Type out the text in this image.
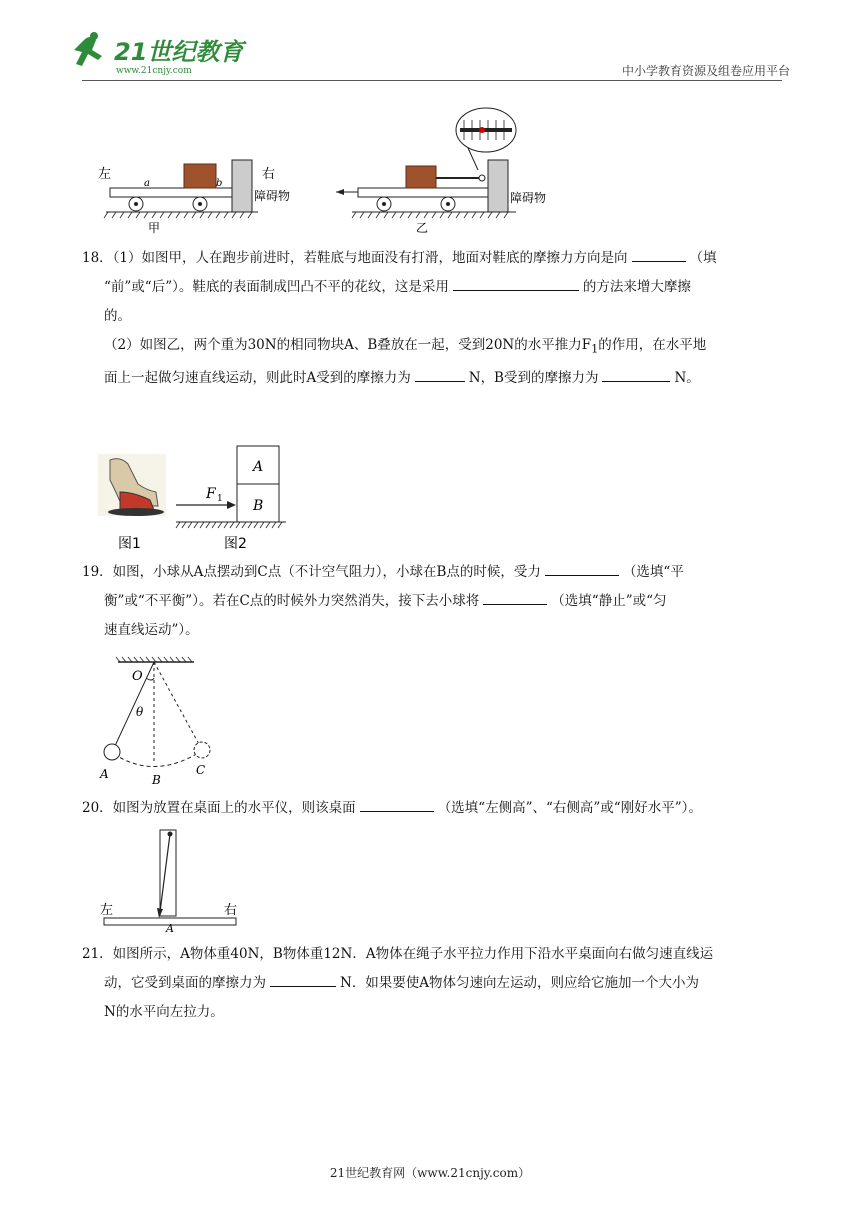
21世纪教育
www.21cnjy.com	中小学教育资源及组卷应用平台
左
a	b
右
障碍物
甲
障碍物
乙

18．（1）如图甲，人在跑步前进时，若鞋底与地面没有打滑，地面对鞋底的摩擦力方向是向	（填

“前”或“后”）。鞋底的表面制成凹凸不平的花纹，这是采用	的方法来增大摩擦

的。

（2）如图乙，两个重为30N的相同物块A、B叠放在一起，受到20N的水平推力$F_1$的作用，在水平地

面上一起做匀速直线运动，则此时A受到的摩擦力为	N，B受到的摩擦力为	N。

F 1
A
B
图1	图2

19．如图，小球从A点摆动到C点（不计空气阻力），小球在B点的时候，受力	（选填“平

衡”或“不平衡”）。若在C点的时候外力突然消失，接下去小球将	（选填“静止”或“匀

速直线运动”）。

O
θ
A	B
C

20．如图为放置在桌面上的水平仪，则该桌面	（选填“左侧高”、“右侧高”或“刚好水平”）。

左	右
A

21．如图所示，A物体重40N，B物体重12N．A物体在绳子水平拉力作用下沿水平桌面向右做匀速直线运

动，它受到桌面的摩擦力为	N．如果要使A物体匀速向左运动，则应给它施加一个大小为

N的水平向左拉力。

21世纪教育网（www.21cnjy.com）
